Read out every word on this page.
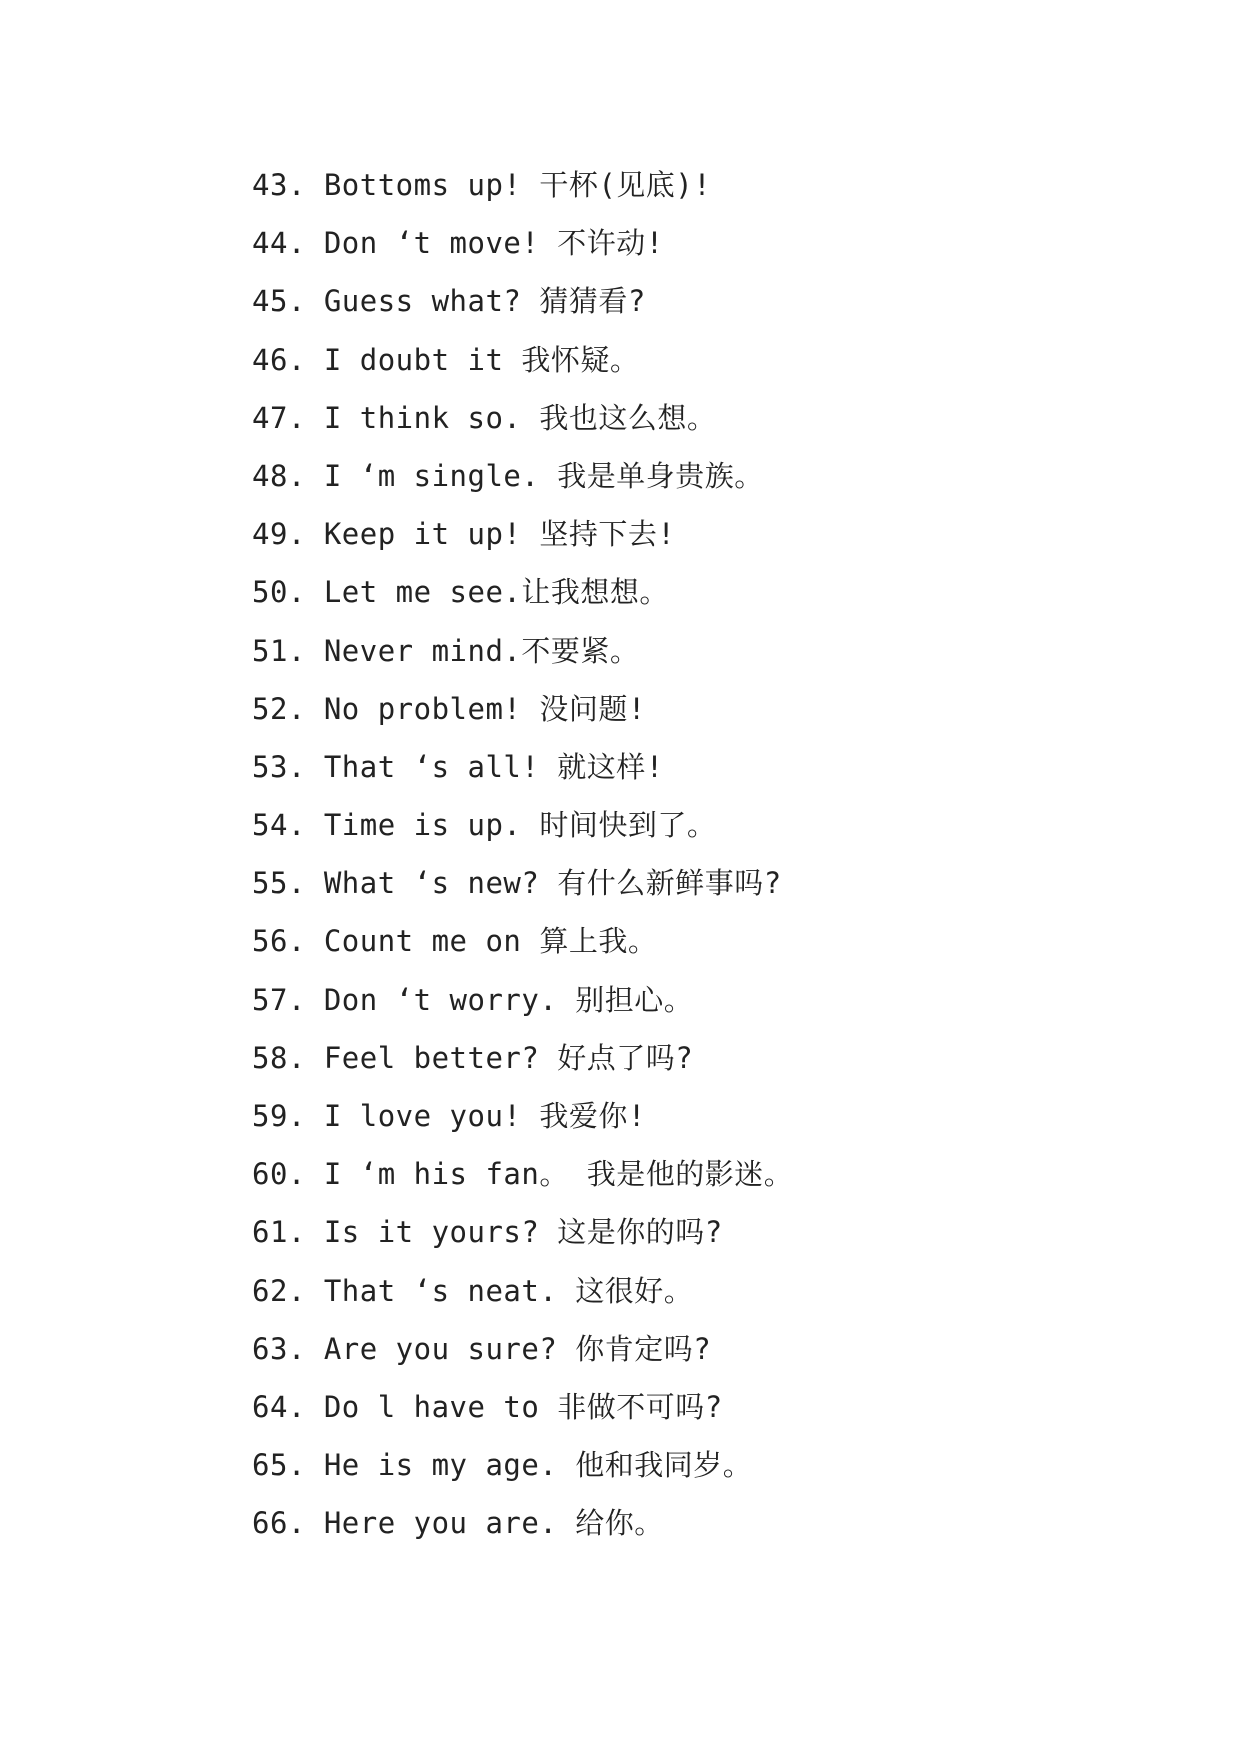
43. Bottoms up! 干杯(见底)!
44. Don ‘t move! 不许动!
45. Guess what? 猜猜看?
46. I doubt it 我怀疑。
47. I think so. 我也这么想。
48. I ‘m single. 我是单身贵族。
49. Keep it up! 坚持下去!
50. Let me see.让我想想。
51. Never mind.不要紧。
52. No problem! 没问题!
53. That ‘s all! 就这样!
54. Time is up. 时间快到了。
55. What ‘s new? 有什么新鲜事吗?
56. Count me on 算上我。
57. Don ‘t worry. 别担心。
58. Feel better? 好点了吗?
59. I love you! 我爱你!
60. I ‘m his fan。 我是他的影迷。
61. Is it yours? 这是你的吗?
62. That ‘s neat. 这很好。
63. Are you sure? 你肯定吗?
64. Do l have to 非做不可吗?
65. He is my age. 他和我同岁。
66. Here you are. 给你。
